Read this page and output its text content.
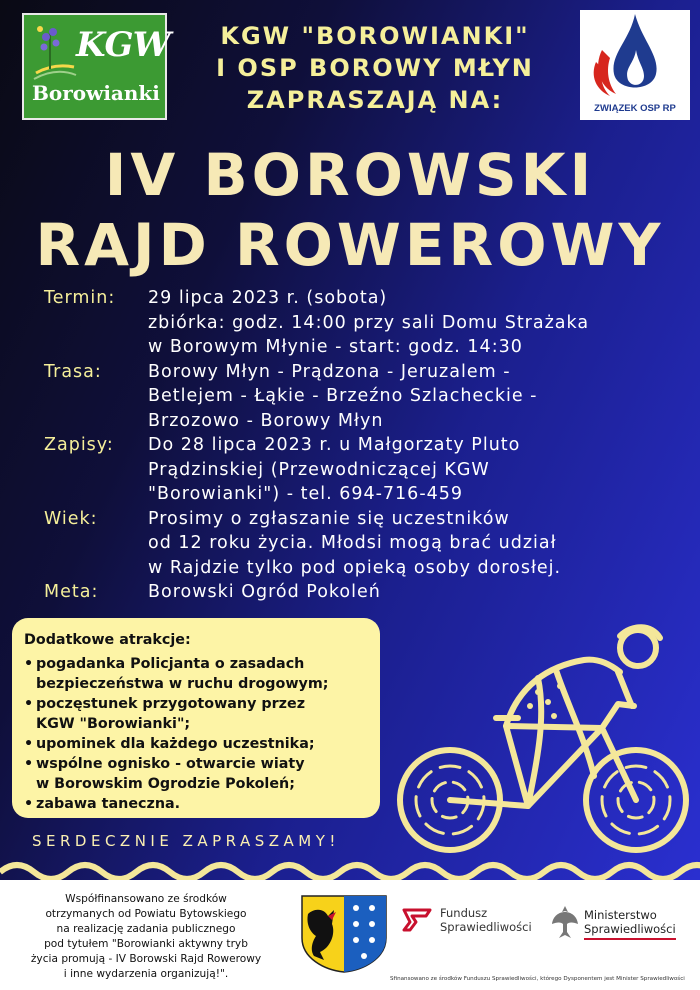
KGW
Borowianki
KGW "BOROWIANKI"
I OSP BOROWY MŁYN
ZAPRASZAJĄ NA:	ZWIĄZEK OSP RP
IV BOROWSKI
RAJD ROWEROWY
Termin: 29 lipca 2023 r. (sobota)
zbiórka: godz. 14:00 przy sali Domu Strażaka
w Borowym Młynie - start: godz. 14:30
Trasa:	Borowy Młyn - Prądzona - Jeruzalem -
Betlejem - Łąkie - Brzeźno Szlacheckie -
Brzozowo - Borowy Młyn
Zapisy: Do 28 lipca 2023 r. u Małgorzaty Pluto
Prądzinskiej (Przewodniczącej KGW
"Borowianki") - tel. 694-716-459
Wiek:	Prosimy o zgłaszanie się uczestników
od 12 roku życia. Młodsi mogą brać udział
w Rajdzie tylko pod opieką osoby dorosłej.
Meta:	Borowski Ogród Pokoleń
Dodatkowe atrakcje:
• pogadanka Policjanta o zasadach
bezpieczeństwa w ruchu drogowym;
• poczęstunek przygotowany przez
KGW "Borowianki";
• upominek dla każdego uczestnika;
• wspólne ognisko - otwarcie wiaty
w Borowskim Ogrodzie Pokoleń;
• zabawa taneczna.
SERDECZNIE ZAPRASZAMY!
Współfinansowano ze środków
otrzymanych od Powiatu Bytowskiego
na realizację zadania publicznego
pod tytułem "Borowianki aktywny tryb
życia promują - IV Borowski Rajd Rowerowy
i inne wydarzenia organizują!".
Fundusz
Sprawiedliwości
Ministerstwo
Sprawiedliwości
Sfinansowano ze środków Funduszu Sprawiedliwości, którego Dysponentem jest Minister Sprawiedliwości
